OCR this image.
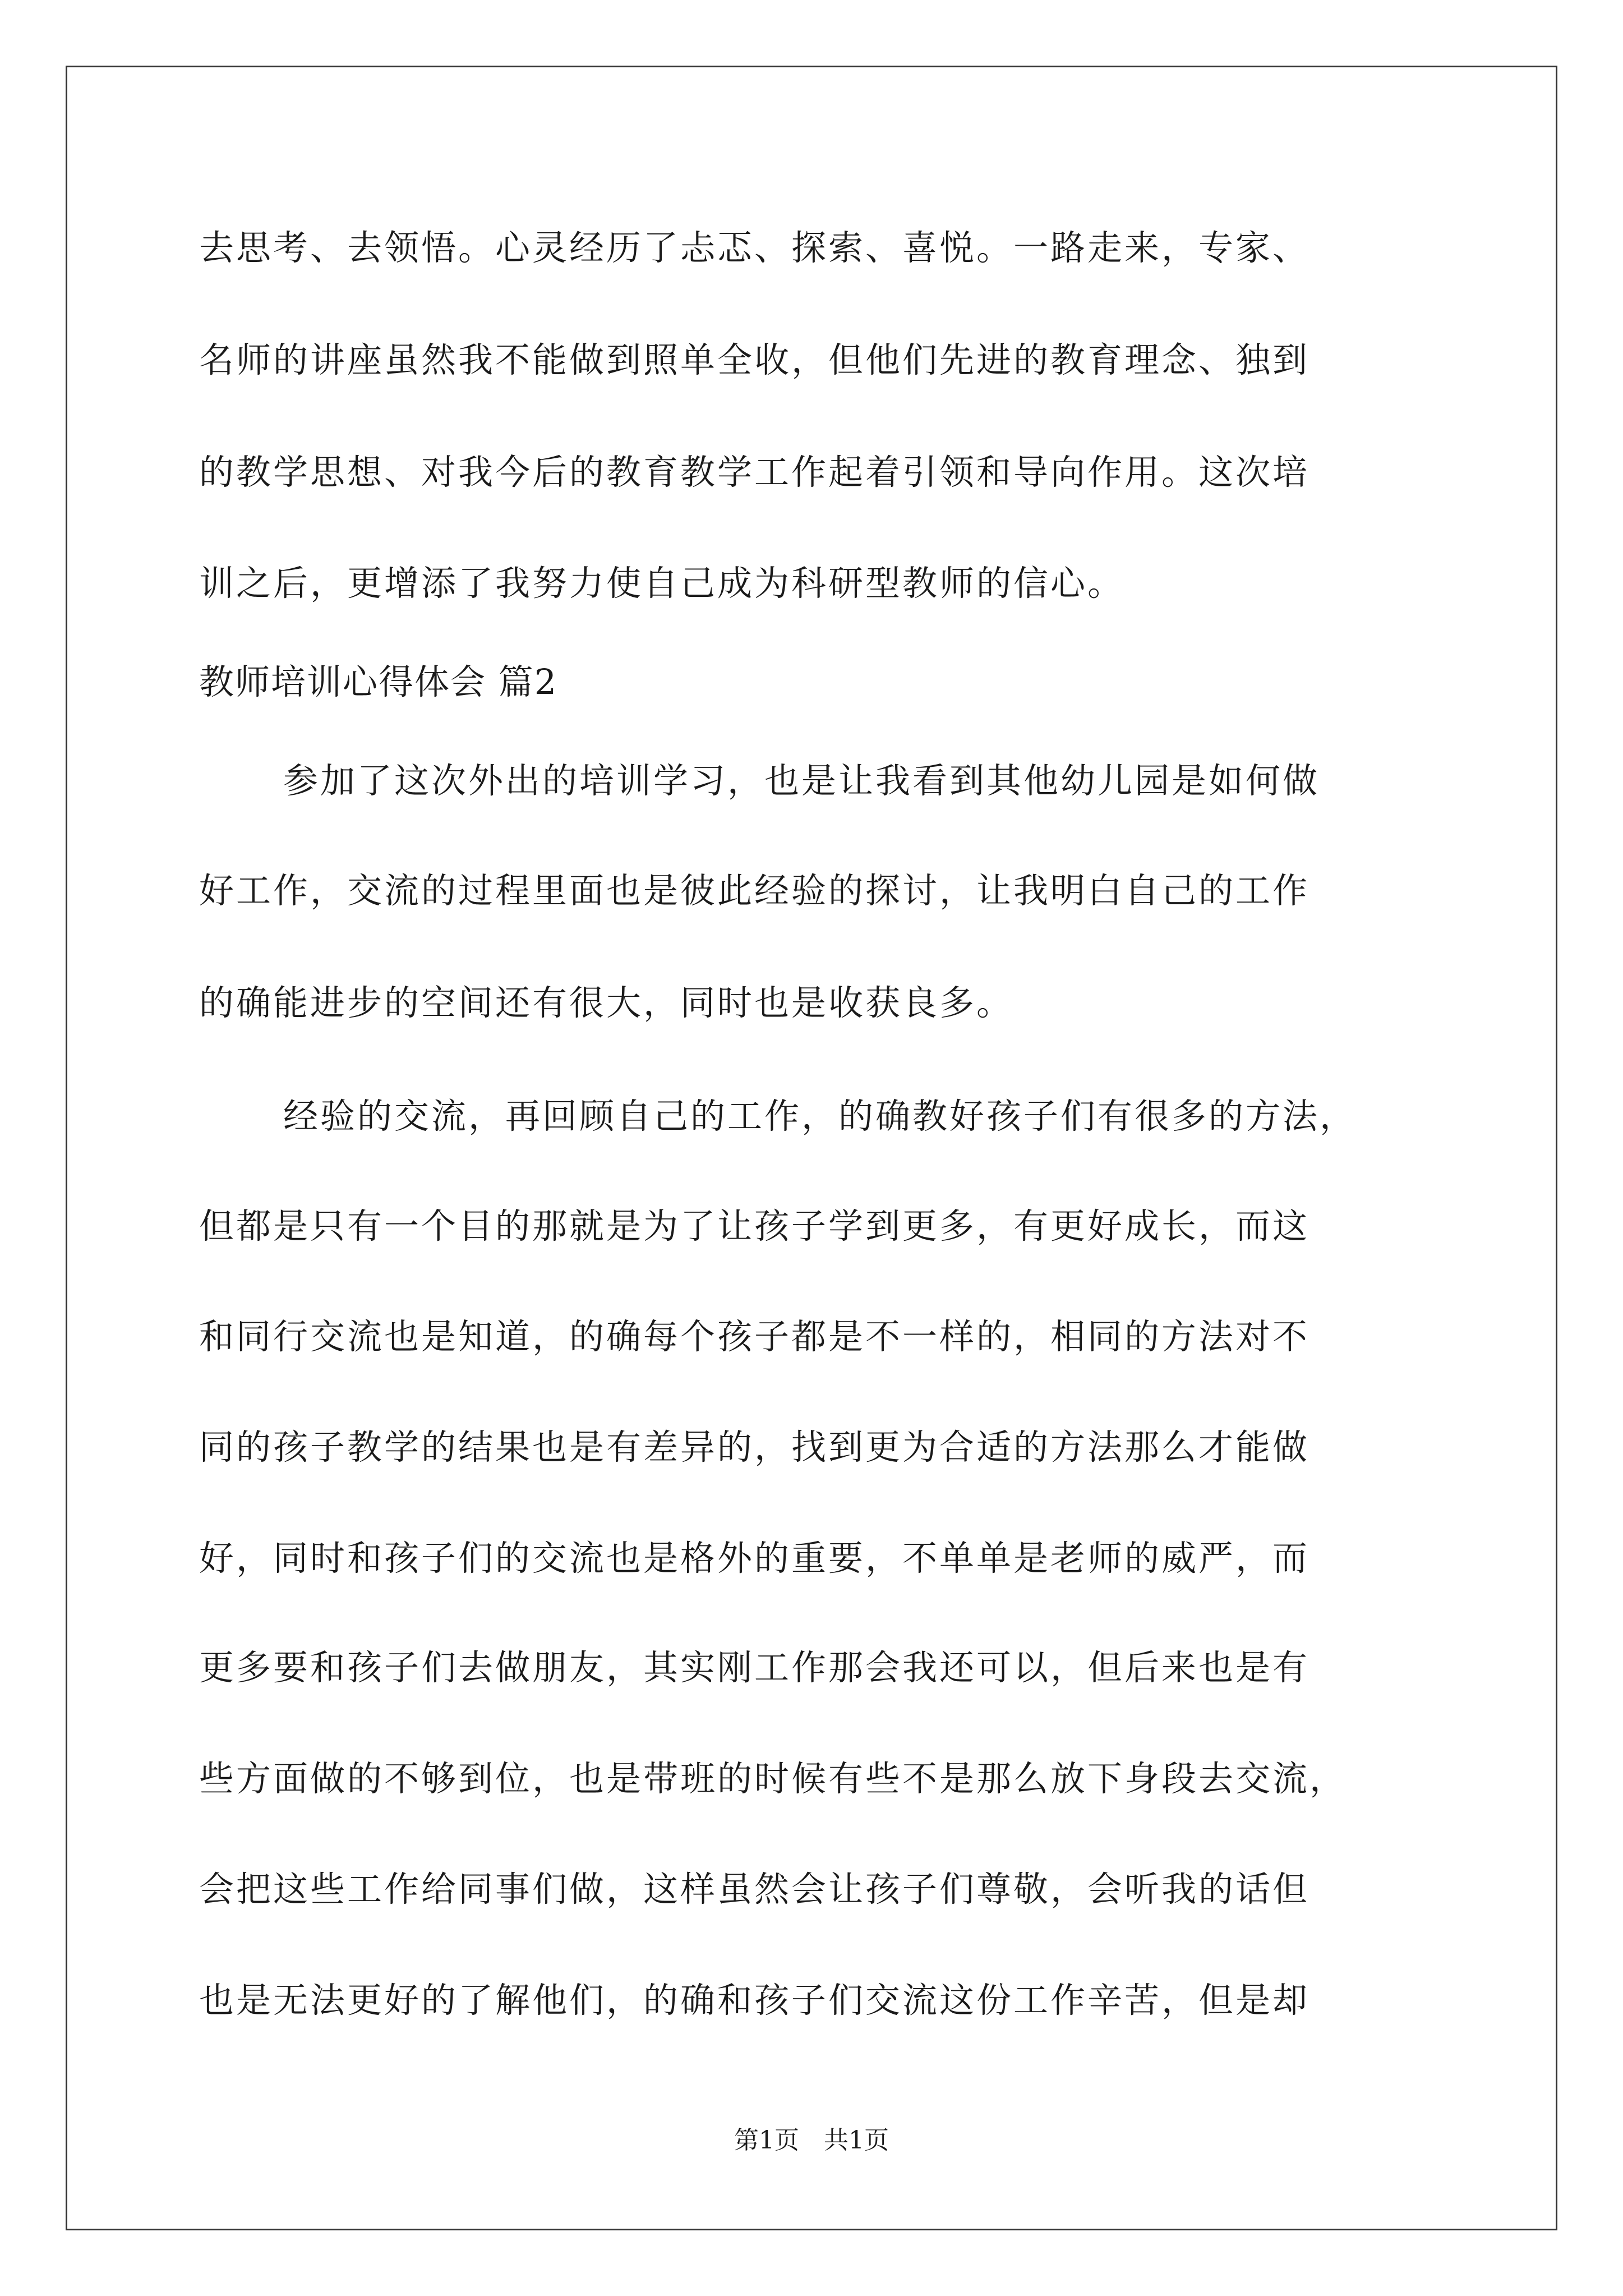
去思考、去领悟。心灵经历了忐忑、探索、喜悦。一路走来，专家、
名师的讲座虽然我不能做到照单全收，但他们先进的教育理念、独到
的教学思想、对我今后的教育教学工作起着引领和导向作用。这次培
训之后，更增添了我努力使自己成为科研型教师的信心。
教师培训心得体会 篇2
参加了这次外出的培训学习，也是让我看到其他幼儿园是如何做
好工作，交流的过程里面也是彼此经验的探讨，让我明白自己的工作
的确能进步的空间还有很大，同时也是收获良多。
经验的交流，再回顾自己的工作，的确教好孩子们有很多的方法，
但都是只有一个目的那就是为了让孩子学到更多，有更好成长，而这
和同行交流也是知道，的确每个孩子都是不一样的，相同的方法对不
同的孩子教学的结果也是有差异的，找到更为合适的方法那么才能做
好，同时和孩子们的交流也是格外的重要，不单单是老师的威严，而
更多要和孩子们去做朋友，其实刚工作那会我还可以，但后来也是有
些方面做的不够到位，也是带班的时候有些不是那么放下身段去交流，
会把这些工作给同事们做，这样虽然会让孩子们尊敬，会听我的话但
也是无法更好的了解他们，的确和孩子们交流这份工作辛苦，但是却
第1页　共1页
